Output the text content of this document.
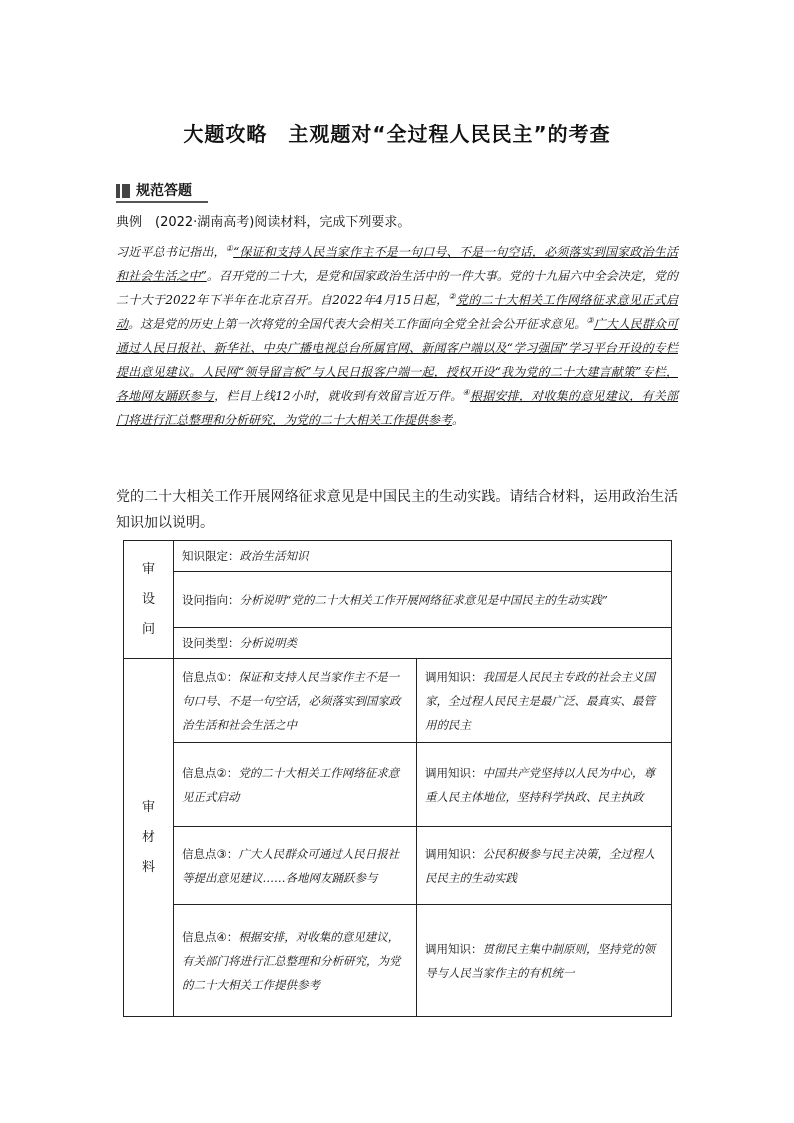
大题攻略　主观题对“全过程人民民主”的考查
规范答题
典例　(2022·湖南高考)阅读材料，完成下列要求。
习近平总书记指出，①“保证和支持人民当家作主不是一句口号、不是一句空话，必须落实到国家政治生活和社会生活之中”。召开党的二十大，是党和国家政治生活中的一件大事。党的十九届六中全会决定，党的二十大于2022年下半年在北京召开。自2022年4月15日起，②党的二十大相关工作网络征求意见正式启动。这是党的历史上第一次将党的全国代表大会相关工作面向全党全社会公开征求意见。③广大人民群众可通过人民日报社、新华社、中央广播电视总台所属官网、新闻客户端以及“学习强国”学习平台开设的专栏提出意见建议。人民网“领导留言板”与人民日报客户端一起，授权开设“我为党的二十大建言献策”专栏，各地网友踊跃参与，栏目上线12小时，就收到有效留言近万件。④根据安排，对收集的意见建议，有关部门将进行汇总整理和分析研究，为党的二十大相关工作提供参考。
党的二十大相关工作开展网络征求意见是中国民主的生动实践。请结合材料，运用政治生活知识加以说明。
审
设
问	知识限定：政治生活知识	
	设问指向：分析说明“党的二十大相关工作开展网络征求意见是中国民主的生动实践”	
	设问类型：分析说明类	

审
材
料	信息点①：保证和支持人民当家作主不是一句口号、不是一句空话，必须落实到国家政治生活和社会生活之中	调用知识：我国是人民民主专政的社会主义国家，全过程人民民主是最广泛、最真实、最管用的民主
	信息点②：党的二十大相关工作网络征求意见正式启动	调用知识：中国共产党坚持以人民为中心，尊重人民主体地位，坚持科学执政、民主执政
	信息点③：广大人民群众可通过人民日报社等提出意见建议……各地网友踊跃参与	调用知识：公民积极参与民主决策，全过程人民民主的生动实践
	信息点④：根据安排，对收集的意见建议，有关部门将进行汇总整理和分析研究，为党的二十大相关工作提供参考	调用知识：贯彻民主集中制原则，坚持党的领导与人民当家作主的有机统一
